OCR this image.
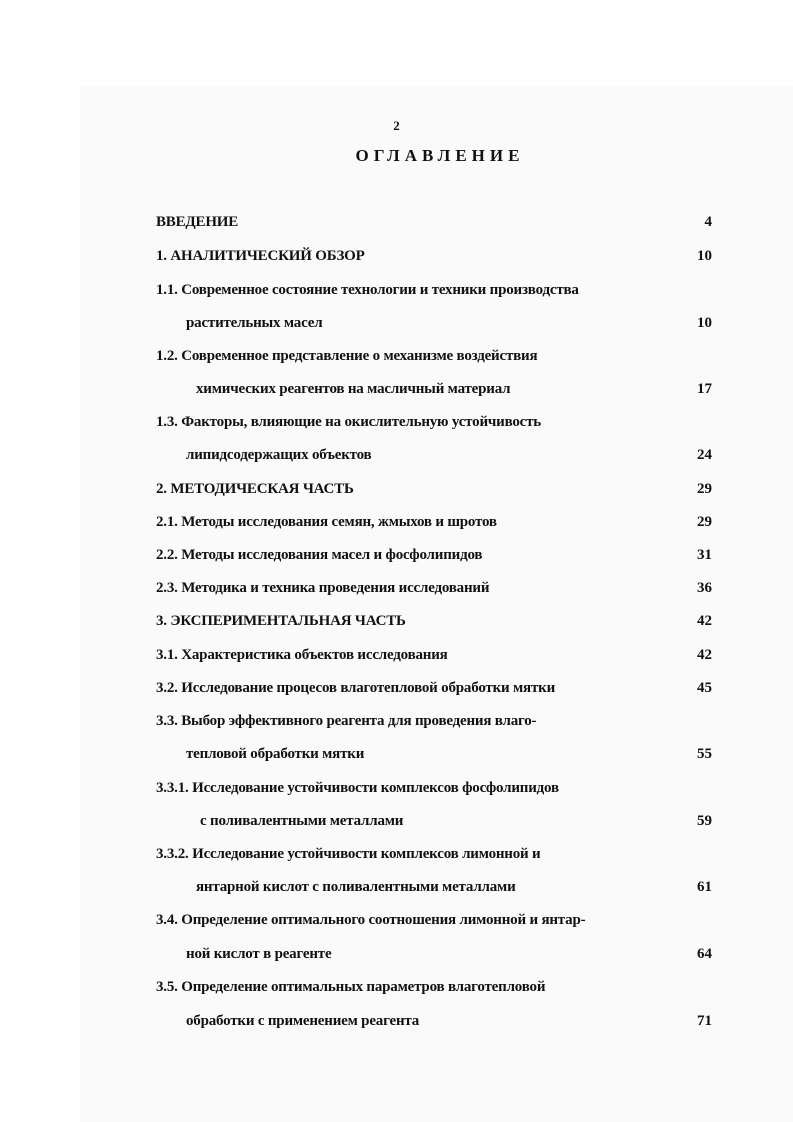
2
ОГЛАВЛЕНИЕ
ВВЕДЕНИЕ	4
1. АНАЛИТИЧЕСКИЙ ОБЗОР	10
1.1. Современное состояние технологии и техники производства
растительных масел	10
1.2. Современное представление о механизме воздействия
химических реагентов на масличный материал	17
1.3. Факторы, влияющие на окислительную устойчивость
липидсодержащих объектов	24
2. МЕТОДИЧЕСКАЯ ЧАСТЬ	29
2.1. Методы исследования семян, жмыхов и шротов	29
2.2. Методы исследования масел и фосфолипидов	31
2.3. Методика и техника проведения исследований	36
3. ЭКСПЕРИМЕНТАЛЬНАЯ ЧАСТЬ	42
3.1. Характеристика объектов исследования	42
3.2. Исследование процесов влаготепловой обработки мятки	45
3.3. Выбор эффективного реагента для проведения влаго-
тепловой обработки мятки	55
3.3.1. Исследование устойчивости комплексов фосфолипидов
с поливалентными металлами	59
3.3.2. Исследование устойчивости комплексов лимонной и
янтарной кислот с поливалентными металлами	61
3.4. Определение оптимального соотношения лимонной и янтар-
ной кислот в реагенте	64
3.5. Определение оптимальных параметров влаготепловой
обработки с применением реагента	71
